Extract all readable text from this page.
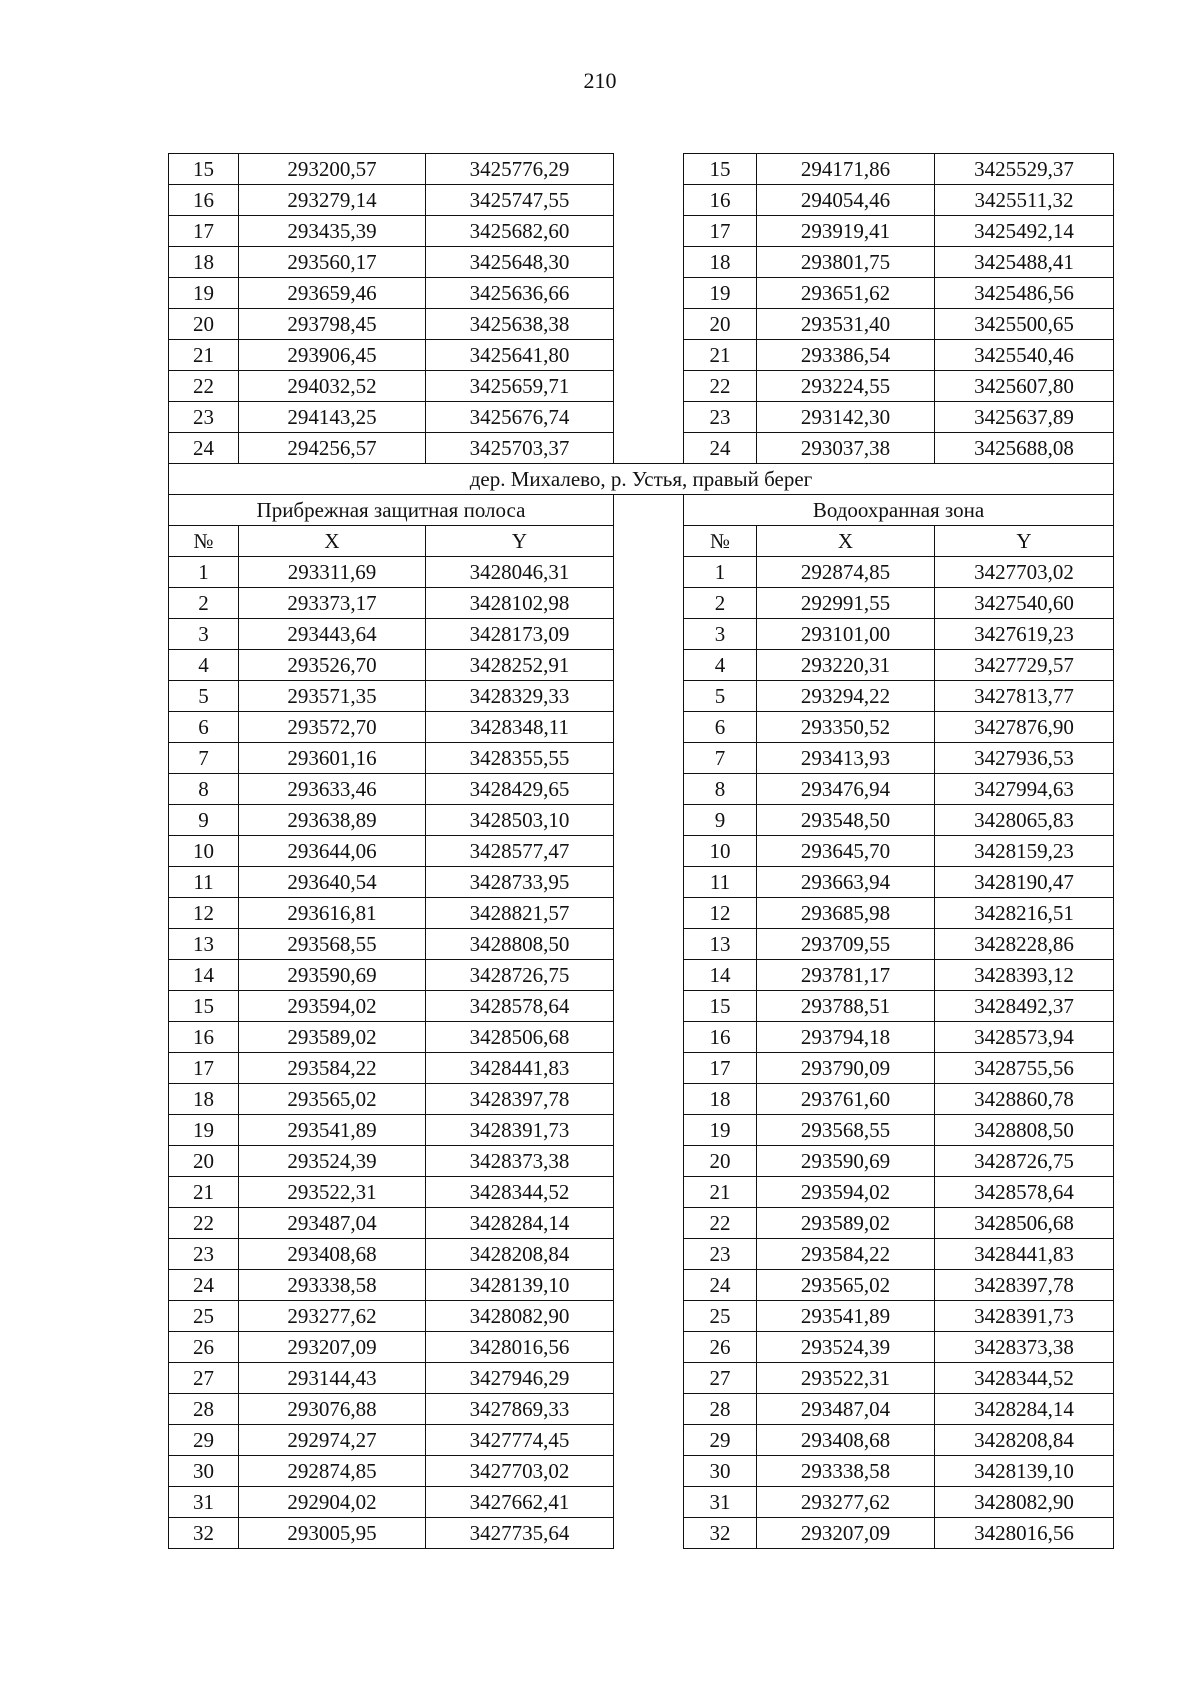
210
15	293200,57	3425776,29		15	294171,86	3425529,37
16	293279,14	3425747,55		16	294054,46	3425511,32
17	293435,39	3425682,60		17	293919,41	3425492,14
18	293560,17	3425648,30		18	293801,75	3425488,41
19	293659,46	3425636,66		19	293651,62	3425486,56
20	293798,45	3425638,38		20	293531,40	3425500,65
21	293906,45	3425641,80		21	293386,54	3425540,46
22	294032,52	3425659,71		22	293224,55	3425607,80
23	294143,25	3425676,74		23	293142,30	3425637,89
24	294256,57	3425703,37		24	293037,38	3425688,08
дер. Михалево, р. Устья, правый берег						
Прибрежная защитная полоса				Водоохранная зона		
№	X	Y		№	X	Y
1	293311,69	3428046,31		1	292874,85	3427703,02
2	293373,17	3428102,98		2	292991,55	3427540,60
3	293443,64	3428173,09		3	293101,00	3427619,23
4	293526,70	3428252,91		4	293220,31	3427729,57
5	293571,35	3428329,33		5	293294,22	3427813,77
6	293572,70	3428348,11		6	293350,52	3427876,90
7	293601,16	3428355,55		7	293413,93	3427936,53
8	293633,46	3428429,65		8	293476,94	3427994,63
9	293638,89	3428503,10		9	293548,50	3428065,83
10	293644,06	3428577,47		10	293645,70	3428159,23
11	293640,54	3428733,95		11	293663,94	3428190,47
12	293616,81	3428821,57		12	293685,98	3428216,51
13	293568,55	3428808,50		13	293709,55	3428228,86
14	293590,69	3428726,75		14	293781,17	3428393,12
15	293594,02	3428578,64		15	293788,51	3428492,37
16	293589,02	3428506,68		16	293794,18	3428573,94
17	293584,22	3428441,83		17	293790,09	3428755,56
18	293565,02	3428397,78		18	293761,60	3428860,78
19	293541,89	3428391,73		19	293568,55	3428808,50
20	293524,39	3428373,38		20	293590,69	3428726,75
21	293522,31	3428344,52		21	293594,02	3428578,64
22	293487,04	3428284,14		22	293589,02	3428506,68
23	293408,68	3428208,84		23	293584,22	3428441,83
24	293338,58	3428139,10		24	293565,02	3428397,78
25	293277,62	3428082,90		25	293541,89	3428391,73
26	293207,09	3428016,56		26	293524,39	3428373,38
27	293144,43	3427946,29		27	293522,31	3428344,52
28	293076,88	3427869,33		28	293487,04	3428284,14
29	292974,27	3427774,45		29	293408,68	3428208,84
30	292874,85	3427703,02		30	293338,58	3428139,10
31	292904,02	3427662,41		31	293277,62	3428082,90
32	293005,95	3427735,64		32	293207,09	3428016,56
